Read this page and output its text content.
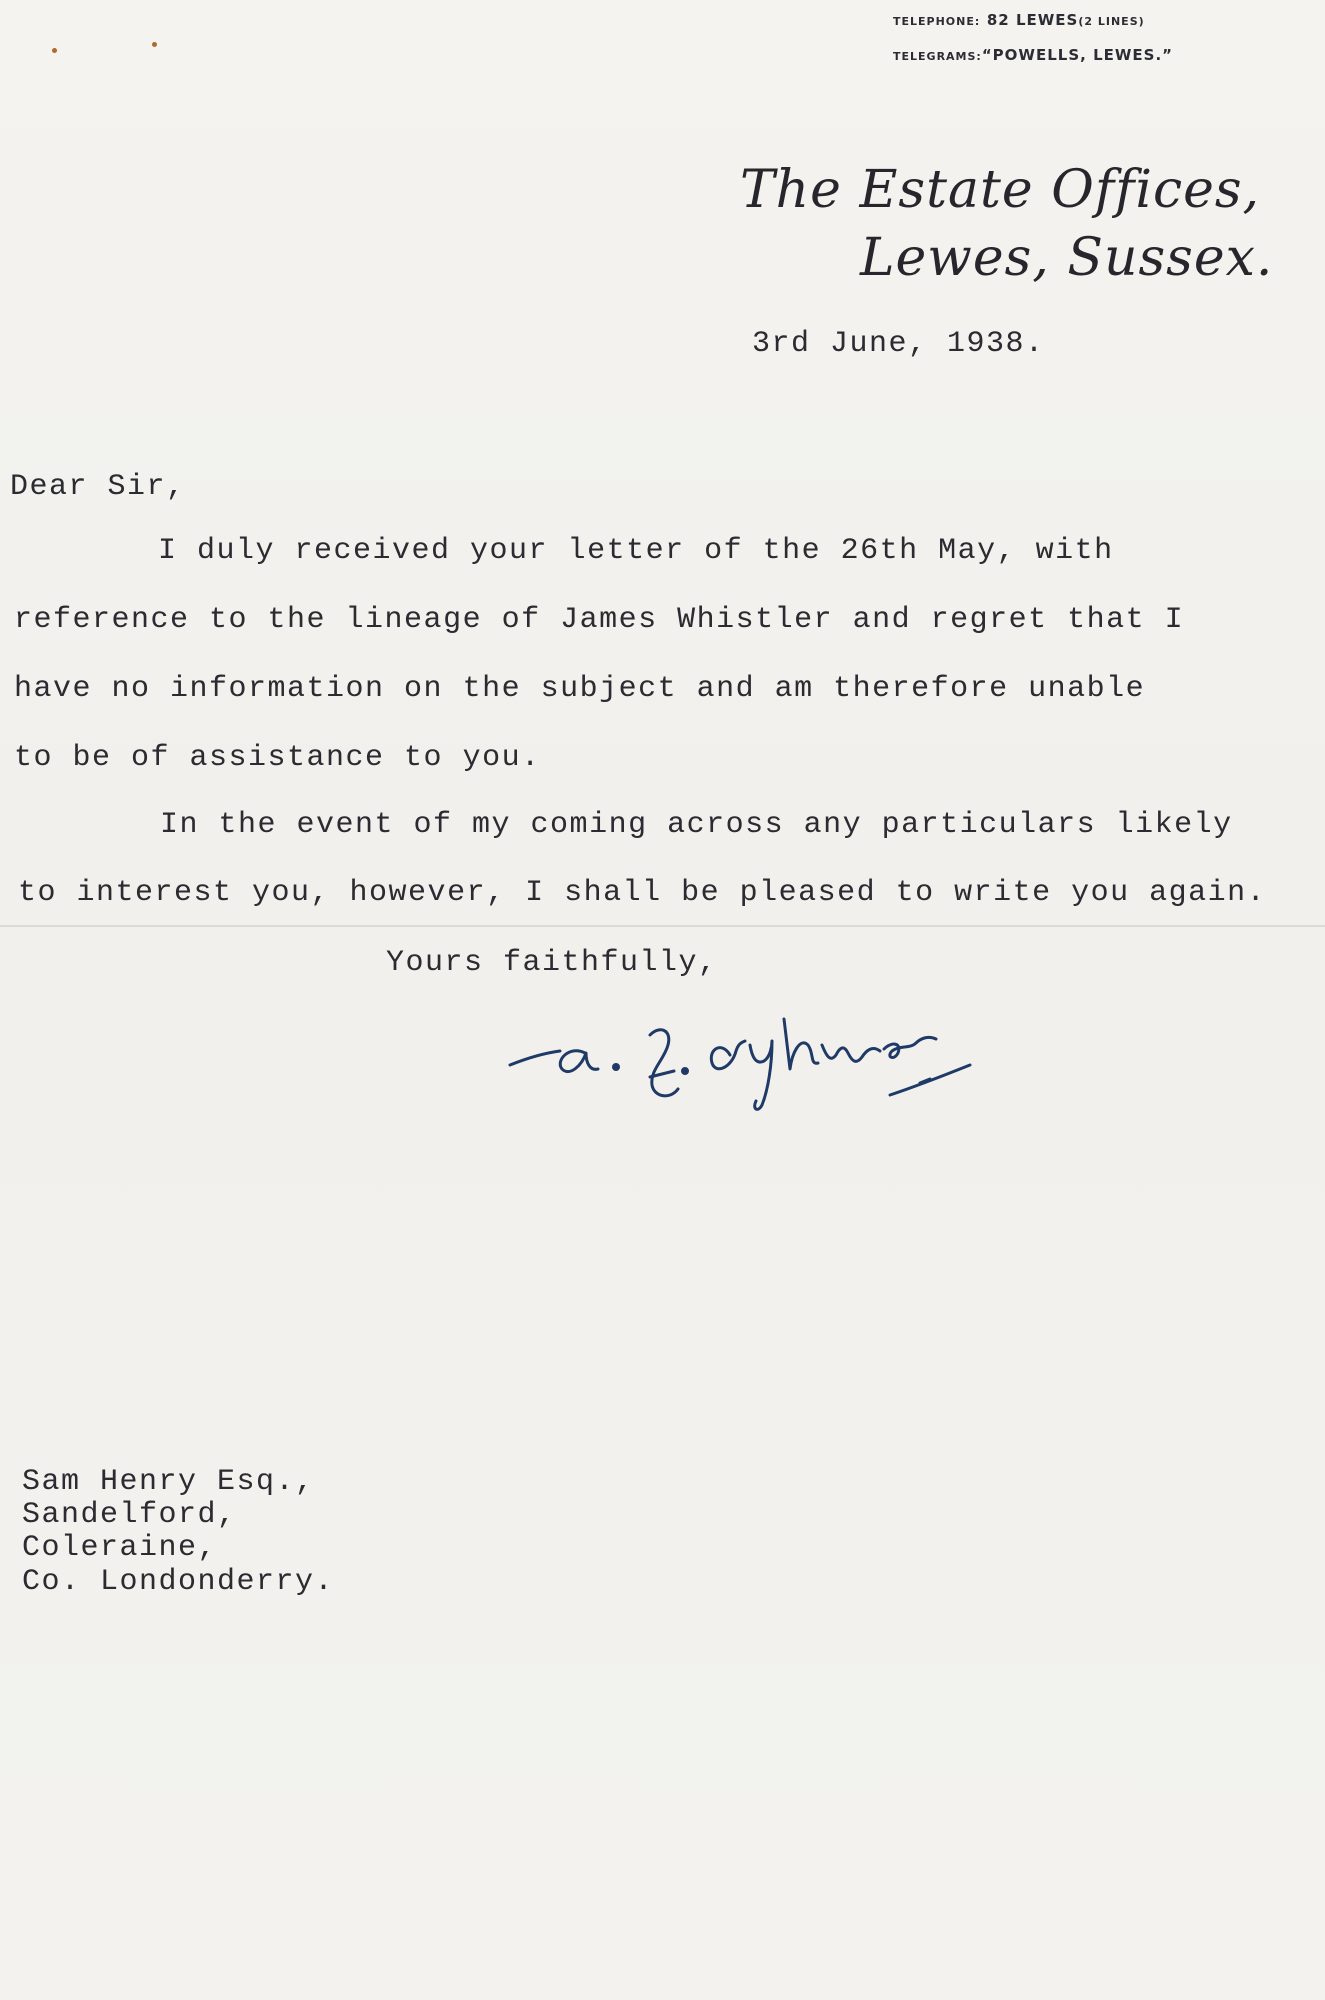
TELEPHONE: 82 LEWES(2 LINES)
TELEGRAMS:“POWELLS, LEWES.”
The Estate Offices,
Lewes, Sussex.
3rd June, 1938.
Dear Sir,
I duly received your letter of the 26th May, with
reference to the lineage of James Whistler and regret that I
have no information on the subject and am therefore unable
to be of assistance to you.
In the event of my coming across any particulars likely
to interest you, however, I shall be pleased to write you again.
Yours faithfully,
Sam Henry Esq.,
Sandelford,
Coleraine,
Co. Londonderry.
